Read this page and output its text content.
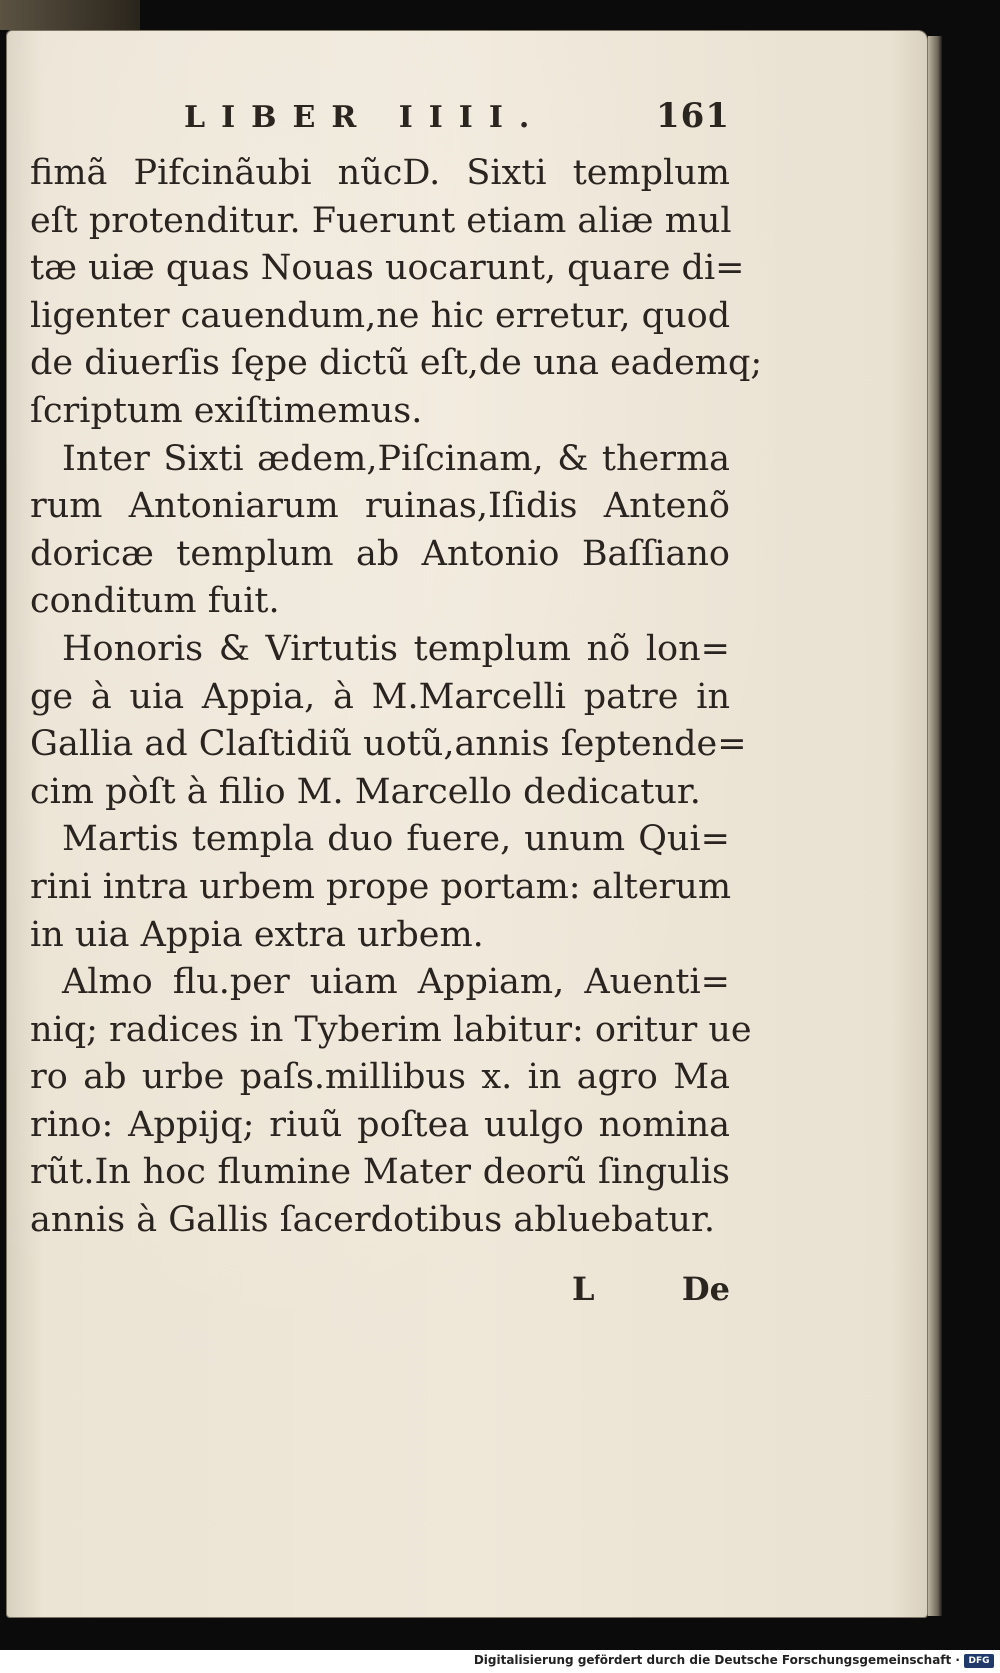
LIBER IIII.	161
fimã Pifcinãubi nũcD. Sixti templum
eſt protenditur. Fuerunt etiam aliæ mul
tæ uiæ quas Nouas uocarunt, quare di=
ligenter cauendum,ne hic erretur, quod
de diuerſis ſępe dictũ eſt,de una eademq;
ſcriptum exiſtimemus.
Inter Sixti ædem,Piſcinam, & therma
rum Antoniarum ruinas,Iſidis Antenõ
doricæ templum ab Antonio Baſſiano
conditum fuit.
Honoris & Virtutis templum nõ lon=
ge à uia Appia, à M.Marcelli patre in
Gallia ad Claſtidiũ uotũ,annis ſeptende=
cim pòſt à filio M. Marcello dedicatur.
Martis templa duo fuere, unum Qui=
rini intra urbem prope portam: alterum
in uia Appia extra urbem.
Almo flu.per uiam Appiam, Auenti=
niq; radices in Tyberim labitur: oritur ue
ro ab urbe paſs.millibus x. in agro Ma
rino: Appijq; riuũ poſtea uulgo nomina
rũt.In hoc flumine Mater deorũ ſingulis
annis à Gallis ſacerdotibus abluebatur.
L	De
Digitalisierung gefördert durch die Deutsche Forschungsgemeinschaft · DFG
